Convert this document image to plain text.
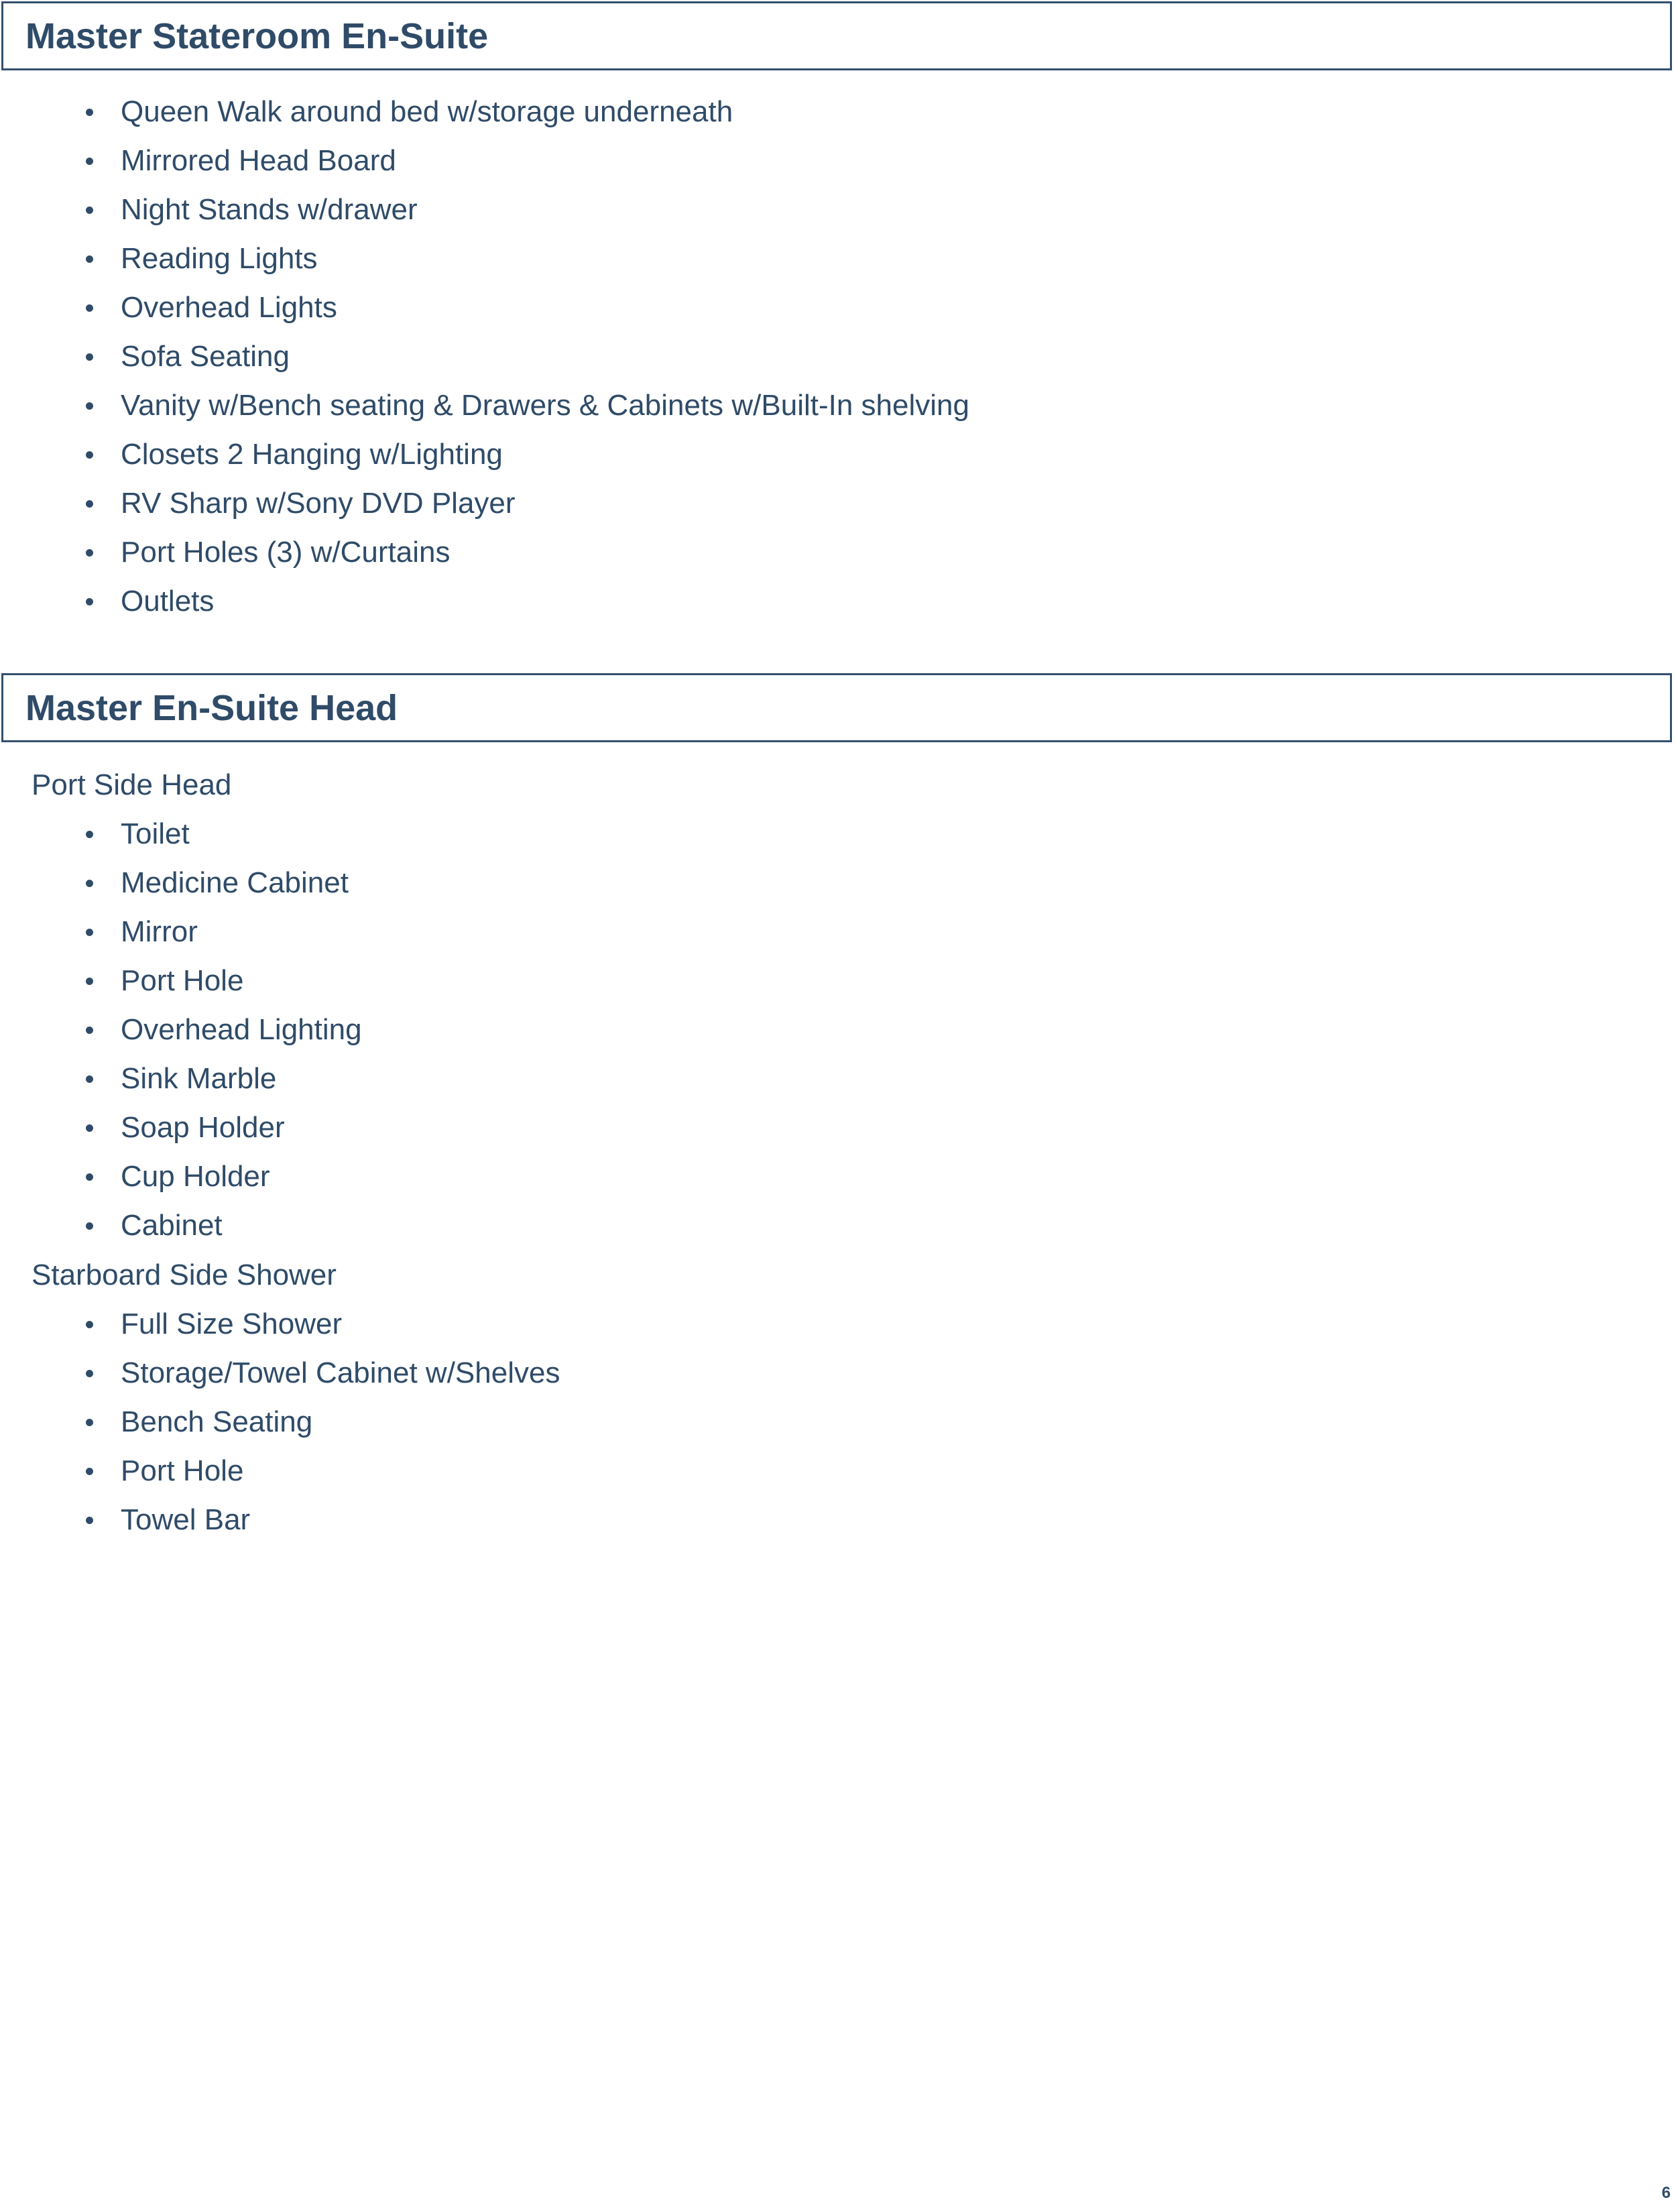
Master Stateroom En-Suite
Queen Walk around bed w/storage underneath
Mirrored Head Board
Night Stands w/drawer
Reading Lights
Overhead Lights
Sofa Seating
Vanity w/Bench seating & Drawers & Cabinets w/Built-In shelving
Closets 2 Hanging w/Lighting
RV Sharp w/Sony DVD Player
Port Holes (3) w/Curtains
Outlets
Master En-Suite Head

Port Side Head

Toilet
Medicine Cabinet
Mirror
Port Hole
Overhead Lighting
Sink Marble
Soap Holder
Cup Holder
Cabinet

Starboard Side Shower

Full Size Shower
Storage/Towel Cabinet w/Shelves
Bench Seating
Port Hole
Towel Bar
6
